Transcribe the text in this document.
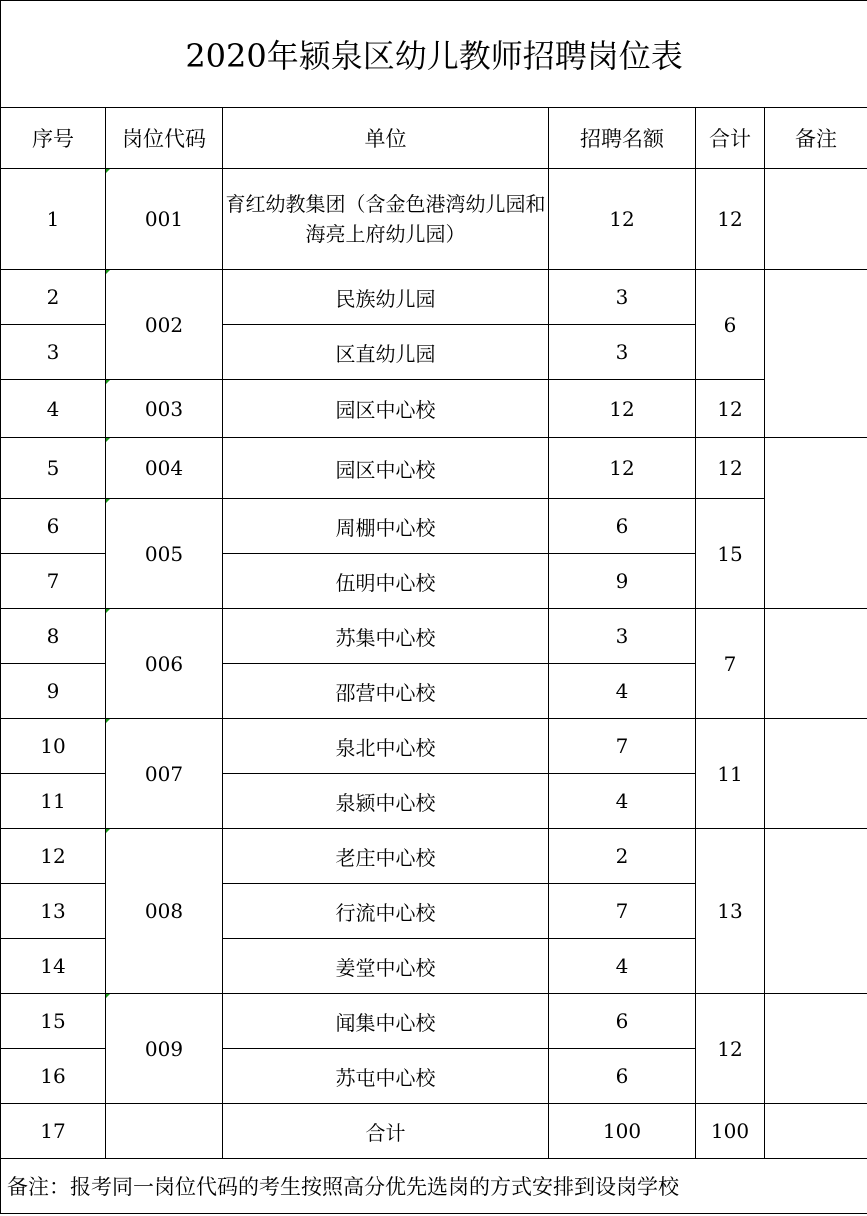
2020年颍泉区幼儿教师招聘岗位表					
序号	岗位代码	单位	招聘名额	合计	备注
1	001	育红幼教集团（含金色港湾幼儿园和海亮上府幼儿园）	12	12	
2	002	民族幼儿园	3	6	
3		区直幼儿园	3		
4	003	园区中心校	12	12	
5	004	园区中心校	12	12	
6	005	周棚中心校	6	15	
7		伍明中心校	9		
8	006	苏集中心校	3	7	
9		邵营中心校	4		
10	007	泉北中心校	7	11	
11		泉颍中心校	4		
12	008	老庄中心校	2	13	
13		行流中心校	7		
14		姜堂中心校	4		
15	009	闻集中心校	6	12	
16		苏屯中心校	6		
17		合计	100	100	
备注：报考同一岗位代码的考生按照高分优先选岗的方式安排到设岗学校					
